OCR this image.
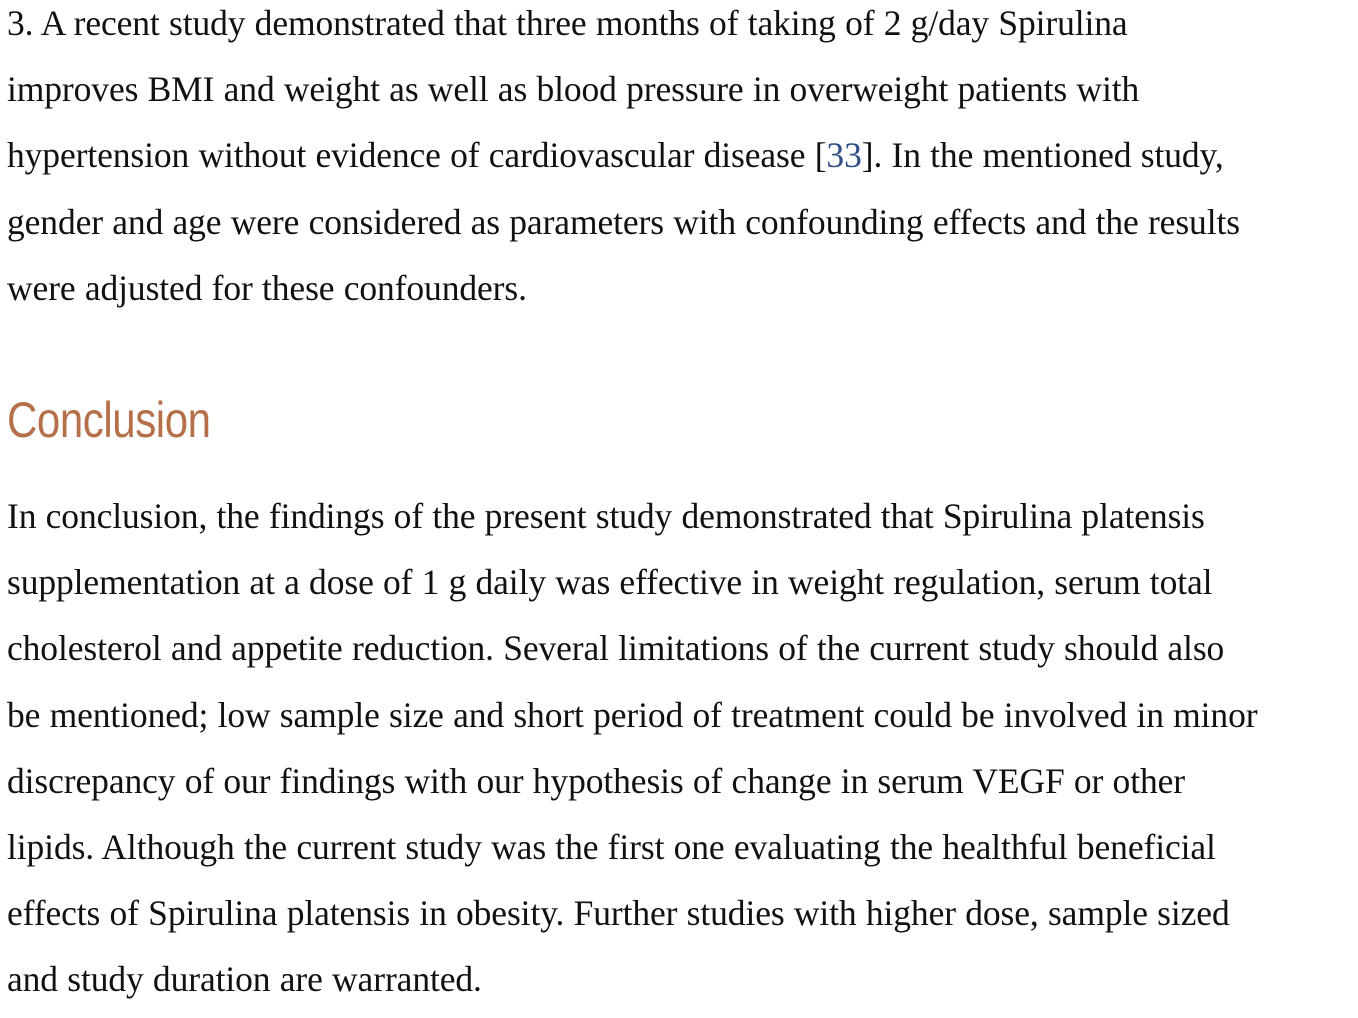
3. A recent study demonstrated that three months of taking of 2 g/day Spirulina
improves BMI and weight as well as blood pressure in overweight patients with
hypertension without evidence of cardiovascular disease [33]. In the mentioned study,
gender and age were considered as parameters with confounding effects and the results
were adjusted for these confounders.

Conclusion

In conclusion, the findings of the present study demonstrated that Spirulina platensis
supplementation at a dose of 1 g daily was effective in weight regulation, serum total
cholesterol and appetite reduction. Several limitations of the current study should also
be mentioned; low sample size and short period of treatment could be involved in minor
discrepancy of our findings with our hypothesis of change in serum VEGF or other
lipids. Although the current study was the first one evaluating the healthful beneficial
effects of Spirulina platensis in obesity. Further studies with higher dose, sample sized
and study duration are warranted.
